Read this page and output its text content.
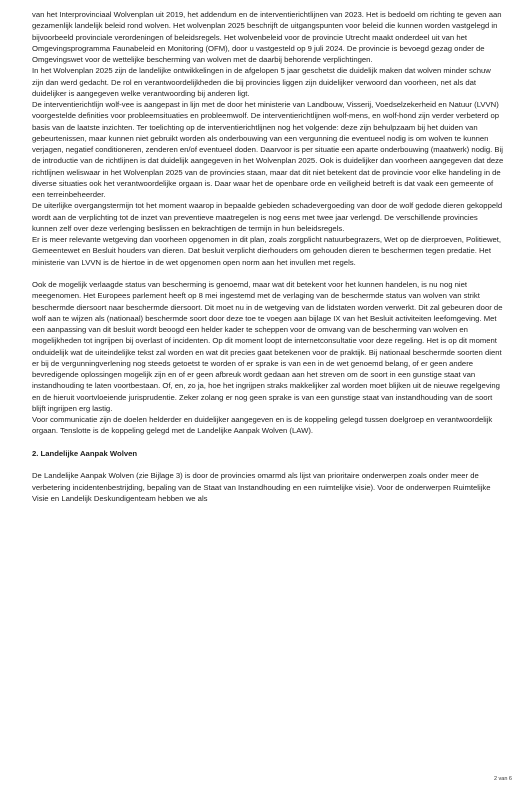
van het Interprovinciaal Wolvenplan uit 2019, het addendum en de interventierichtlijnen van 2023. Het is bedoeld om richting te geven aan gezamenlijk landelijk beleid rond wolven. Het wolvenplan 2025 beschrijft de uitgangspunten voor beleid die kunnen worden vastgelegd in bijvoorbeeld provinciale verordeningen of beleidsregels. Het wolvenbeleid voor de provincie Utrecht maakt onderdeel uit van het Omgevingsprogramma Faunabeleid en Monitoring (OFM), door u vastgesteld op 9 juli 2024. De provincie is bevoegd gezag onder de Omgevingswet voor de wettelijke bescherming van wolven met de daarbij behorende verplichtingen.

In het Wolvenplan 2025 zijn de landelijke ontwikkelingen in de afgelopen 5 jaar geschetst die duidelijk maken dat wolven minder schuw zijn dan werd gedacht. De rol en verantwoordelijkheden die bij provincies liggen zijn duidelijker verwoord dan voorheen, net als dat duidelijker is aangegeven welke verantwoording bij anderen ligt.

De interventierichtlijn wolf-vee is aangepast in lijn met de door het ministerie van Landbouw, Visserij, Voedselzekerheid en Natuur (LVVN) voorgestelde definities voor probleemsituaties en probleemwolf. De interventierichtlijnen wolf-mens, en wolf-hond zijn verder verbeterd op basis van de laatste inzichten. Ter toelichting op de interventierichtlijnen nog het volgende: deze zijn behulpzaam bij het duiden van gebeurtenissen, maar kunnen niet gebruikt worden als onderbouwing van een vergunning die eventueel nodig is om wolven te kunnen verjagen, negatief conditioneren, zenderen en/of eventueel doden. Daarvoor is per situatie een aparte onderbouwing (maatwerk) nodig. Bij de introductie van de richtlijnen is dat duidelijk aangegeven in het Wolvenplan 2025. Ook is duidelijker dan voorheen aangegeven dat deze richtlijnen weliswaar in het Wolvenplan 2025 van de provincies staan, maar dat dit niet betekent dat de provincie voor elke handeling in de diverse situaties ook het verantwoordelijke orgaan is. Daar waar het de openbare orde en veiligheid betreft is dat vaak een gemeente of een terreinbeheerder.

De uiterlijke overgangstermijn tot het moment waarop in bepaalde gebieden schadevergoeding van door de wolf gedode dieren gekoppeld wordt aan de verplichting tot de inzet van preventieve maatregelen is nog eens met twee jaar verlengd. De verschillende provincies kunnen zelf over deze verlenging beslissen en bekrachtigen de termijn in hun beleidsregels.

Er is meer relevante wetgeving dan voorheen opgenomen in dit plan, zoals zorgplicht natuurbegrazers, Wet op de dierproeven, Politiewet, Gemeentewet en Besluit houders van dieren. Dat besluit verplicht dierhouders om gehouden dieren te beschermen tegen predatie. Het ministerie van LVVN is de hiertoe in de wet opgenomen open norm aan het invullen met regels.

Ook de mogelijk verlaagde status van bescherming is genoemd, maar wat dit betekent voor het kunnen handelen, is nu nog niet meegenomen. Het Europees parlement heeft op 8 mei ingestemd met de verlaging van de beschermde status van wolven van strikt beschermde diersoort naar beschermde diersoort. Dit moet nu in de wetgeving van de lidstaten worden verwerkt. Dit zal gebeuren door de wolf aan te wijzen als (nationaal) beschermde soort door deze toe te voegen aan bijlage IX van het Besluit activiteiten leefomgeving. Met een aanpassing van dit besluit wordt beoogd een helder kader te scheppen voor de omvang van de bescherming van wolven en mogelijkheden tot ingrijpen bij overlast of incidenten. Op dit moment loopt de internetconsultatie voor deze regeling. Het is op dit moment onduidelijk wat de uiteindelijke tekst zal worden en wat dit precies gaat betekenen voor de praktijk. Bij nationaal beschermde soorten dient er bij de vergunningverlening nog steeds getoetst te worden of er sprake is van een in de wet genoemd belang, of er geen andere bevredigende oplossingen mogelijk zijn en of er geen afbreuk wordt gedaan aan het streven om de soort in een gunstige staat van instandhouding te laten voortbestaan. Of, en, zo ja, hoe het ingrijpen straks makkelijker zal worden moet blijken uit de nieuwe regelgeving en de hieruit voortvloeiende jurisprudentie. Zeker zolang er nog geen sprake is van een gunstige staat van instandhouding van de soort blijft ingrijpen erg lastig.

Voor communicatie zijn de doelen helderder en duidelijker aangegeven en is de koppeling gelegd tussen doelgroep en verantwoordelijk orgaan. Tenslotte is de koppeling gelegd met de Landelijke Aanpak Wolven (LAW).

2. Landelijke Aanpak Wolven

De Landelijke Aanpak Wolven (zie Bijlage 3) is door de provincies omarmd als lijst van prioritaire onderwerpen zoals onder meer de verbetering incidentenbestrijding, bepaling van de Staat van Instandhouding en een ruimtelijke visie). Voor de onderwerpen Ruimtelijke Visie en Landelijk Deskundigenteam hebben we als

2 van 6
